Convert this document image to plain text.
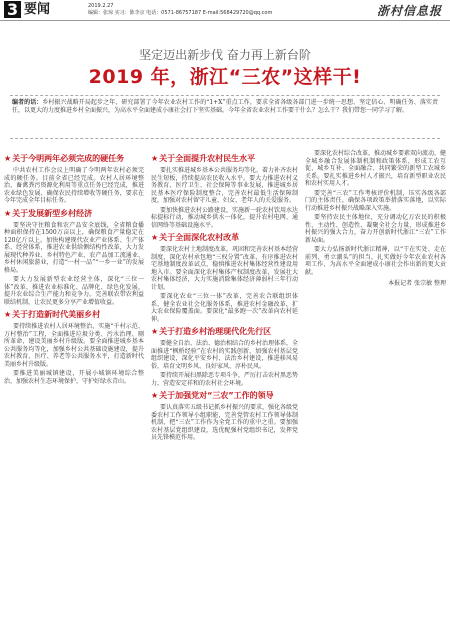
3 要闻	2019.2.27
编辑：张琼 实习：陈李京 电话：0571-86757187 E-mail:568429720@qq.com	浙村信息报
坚定迈出新步伐 奋力再上新台阶
2019 年，浙江“三农”这样干!
编者的话：乡村振兴战略开局起步之年，研究部署了今年农业农村工作的“1+X”重点工作，要求全省各级各部门进一步统一思想、坚定信心、明确任务、落实责任，以更大的力度推进乡村全面振兴，为高水平全面建成小康社会打下坚实基础。今年全省农业农村工作要干什么？怎么干？我们带您一同学习了解。
★关于今明两年必须完成的硬任务

中共农村工作会议上明确了今明两年农村必须完成的硬任务。目前全省已经完成。农村人居环境整治，畜禽粪污资源化利用等重点任务已经完成，推进农业绿色发展、确保农民持续增收等硬任务，要求在今年完成全年目标任务。

★关于发展新型乡村经济

要坚决守住粮食和农产品安全底线，全省粮食播种面积保持在1500万亩以上，确保粮食产量稳定在120亿斤以上。加快构建现代农业产业体系、生产体系、经营体系，推进农业供给侧结构性改革，大力发展现代种养业、乡村特色产业、农产品加工流通业、乡村休闲旅游业，打造“一村一品”“一乡一业”的发展格局。

要大力发展新型农业经营主体，深化“三位一体”改革，推进农业标准化、品牌化、绿色化发展，提升农业综合生产能力和竞争力。完善联农带农利益联结机制，让农民更多分享产业增值收益。

★关于打造新时代美丽乡村

要持续推进农村人居环境整治，实施“千村示范、万村整治”工程，全面推进垃圾分类、污水治理、厕所革命，建设美丽乡村升级版。要全面推进城乡基本公共服务均等化，加强乡村公共基础设施建设，提升农村教育、医疗、养老等公共服务水平，打造新时代美丽乡村升级版。

要推进美丽城镇建设，开展小城镇环境综合整治，加强农村生态环境保护，守护好绿水青山。

★关于全面提升农村民生水平

要扎实推进城乡基本公共服务均等化，着力补齐农村民生短板，持续提高农民收入水平。要大力推进农村义务教育、医疗卫生、社会保障等事业发展，推进城乡居民基本医疗保险制度整合，完善农村最低生活保障制度，加强对农村留守儿童、妇女、老年人的关爱服务。

要加快推进农村公路建设，实施新一轮农村饮用水达标提标行动，推动城乡供水一体化，提升农村电网、通信网络等基础设施水平。

★关于全面深化农村改革

要深化农村土地制度改革，巩固和完善农村基本经营制度，深化农村承包地“三权分置”改革，有序推进农村宅基地制度改革试点，稳慎推进农村集体经营性建设用地入市。要全面深化农村集体产权制度改革，发展壮大农村集体经济，大力实施消除集体经济薄弱村三年行动计划。

要深化农业“三位一体”改革，完善农合联组织体系，健全农业社会化服务体系，推进农村金融改革，扩大农业保险覆盖面。要深化“最多跑一次”改革向农村延伸。

★关于打造乡村治理现代化先行区

要健全自治、法治、德治相结合的乡村治理体系，全面推进“枫桥经验”在农村的实践创新，加强农村基层党组织建设，深化平安乡村、法治乡村建设，推进移风易俗，培育文明乡风、良好家风、淳朴民风。

要持续开展扫黑除恶专项斗争，严厉打击农村黑恶势力，营造安定祥和的农村社会环境。

★关于加强党对“三农”工作的领导

要认真落实五级书记抓乡村振兴的要求，强化各级党委农村工作领导小组职能，完善党管农村工作领导体制机制，把“三农”工作作为全党工作的重中之重。要加强农村基层党组织建设，选优配强村党组织书记，发挥党员先锋模范作用。

要深化农村综合改革，推动城乡要素双向流动，健全城乡融合发展体制机制和政策体系，形成工农互促、城乡互补、全面融合、共同繁荣的新型工农城乡关系。要扎实推进乡村人才振兴，培育新型职业农民和农村实用人才。

要完善“三农”工作考核评价机制，压实各级各部门的主体责任，确保各项政策举措落实落地，以实际行动推进乡村振兴战略深入实施。

要坚持农民主体地位，充分调动亿万农民的积极性、主动性、创造性，凝聚全社会力量，形成推进乡村振兴的强大合力，奋力开创新时代浙江“三农”工作新局面。

要大力弘扬新时代浙江精神，以“干在实处、走在前列、勇立潮头”的担当，扎实做好今年农业农村各项工作，为高水平全面建成小康社会作出新的更大贡献。

本报记者 张宗敏 整理
